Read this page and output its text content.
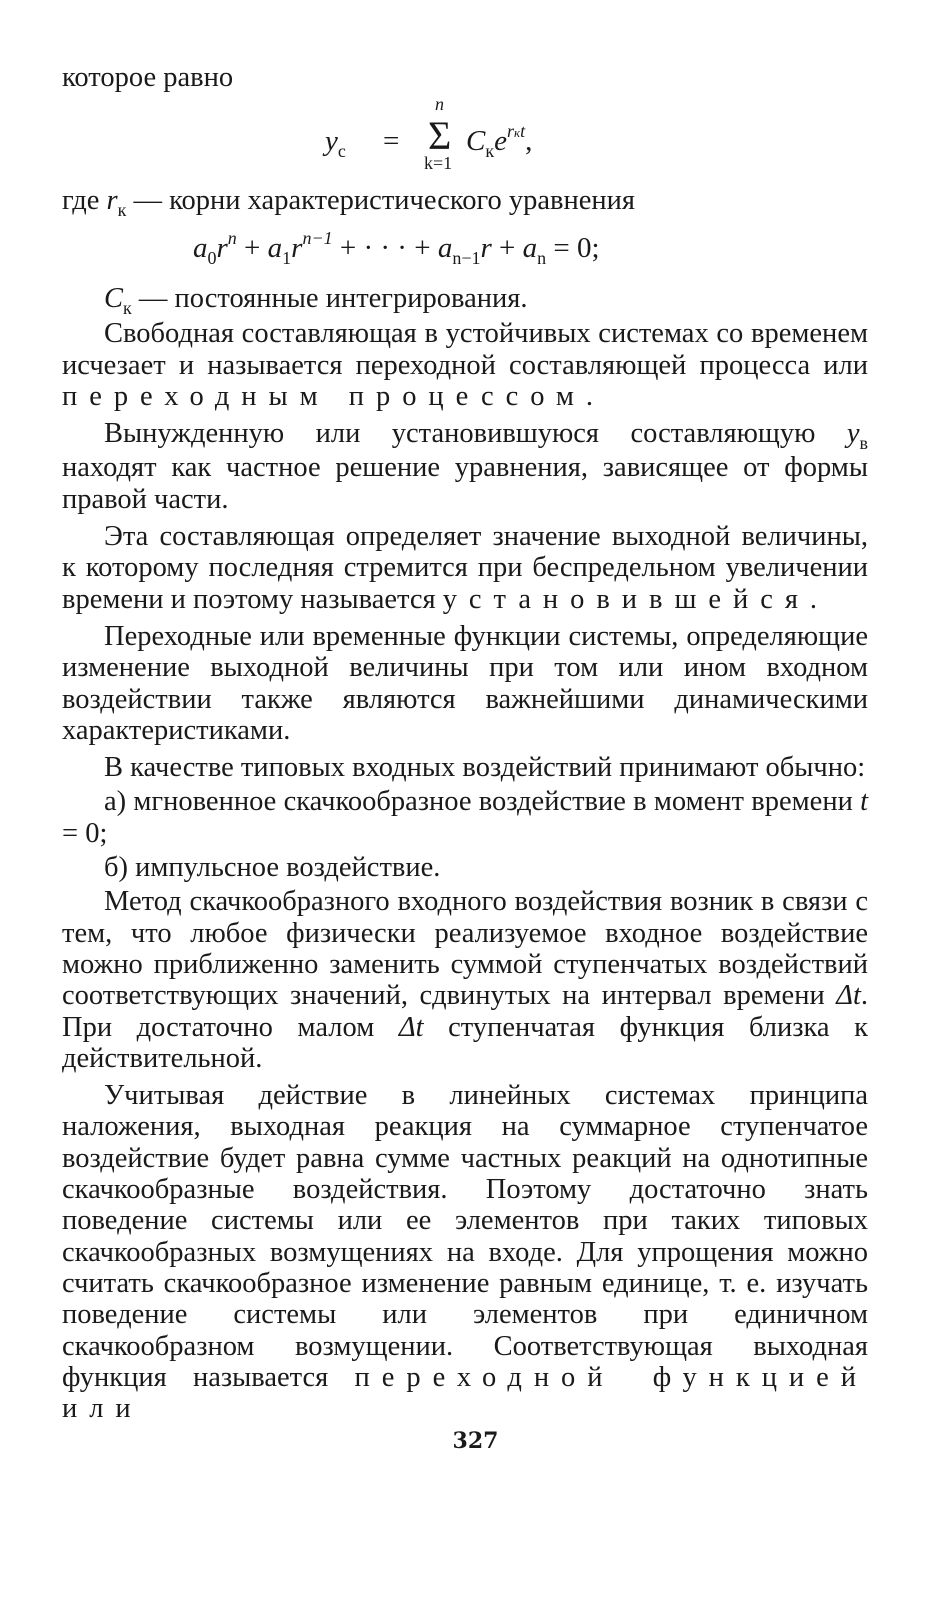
которое равно

$y_с$ =
n
Σ
k=1
$C_кe^{rкt}$,

где $r_к$ — корни характеристического уравнения

$a_0r^n + a_1r^{n-1}$ + · · · + $a_{n-1}r + a_n = 0$;

$C_к$ — постоянные интегрирования.

Свободная составляющая в устойчивых системах со временем исчезает и называется переходной составляющей процесса или переходным процессом.

Вынужденную или установившуюся составляющую $y_в$ находят как частное решение уравнения, зависящее от формы правой части.

Эта составляющая определяет значение выходной величины, к которому последняя стремится при беспредельном увеличении времени и поэтому называется установившейся.

Переходные или временные функции системы, определяющие изменение выходной величины при том или ином входном воздействии также являются важнейшими динамическими характеристиками.

В качестве типовых входных воздействий принимают обычно:

а) мгновенное скачкообразное воздействие в момент времени t = 0;

б) импульсное воздействие.

Метод скачкообразного входного воздействия возник в связи с тем, что любое физически реализуемое входное воздействие можно приближенно заменить суммой ступенчатых воздействий соответствующих значений, сдвинутых на интервал времени Δt. При достаточно малом Δt ступенчатая функция близка к действительной.

Учитывая действие в линейных системах принципа наложения, выходная реакция на суммарное ступенчатое воздействие будет равна сумме частных реакций на однотипные скачкообразные воздействия. Поэтому достаточно знать поведение системы или ее элементов при таких типовых скачкообразных возмущениях на входе. Для упрощения можно считать скачкообразное изменение равным единице, т. е. изучать поведение системы или элементов при единичном скачкообразном возмущении. Соответствующая выходная функция называется переходной функцией или

327
